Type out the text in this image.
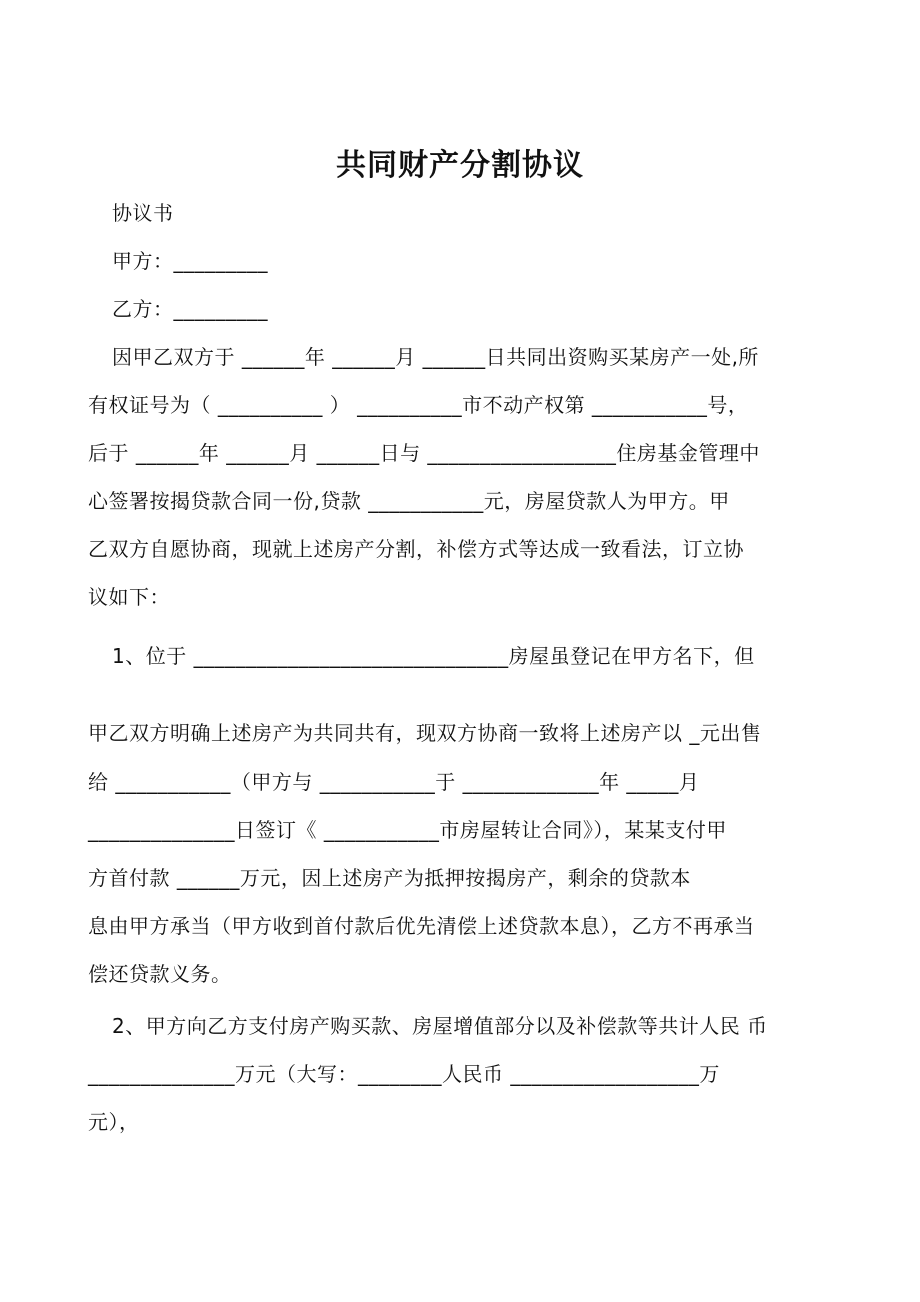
共同财产分割协议
协议书
甲方：_________
乙方：_________
因甲乙双方于 ______年 ______月 ______日共同出资购买某房产一处,所
有权证号为（ __________ ） __________市不动产权第 ___________号，
后于 ______年 ______月 ______日与 __________________住房基金管理中
心签署按揭贷款合同一份,贷款 ___________元，房屋贷款人为甲方。甲
乙双方自愿协商，现就上述房产分割，补偿方式等达成一致看法，订立协
议如下：
1、位于 ______________________________房屋虽登记在甲方名下，但
甲乙双方明确上述房产为共同共有，现双方协商一致将上述房产以 _元出售
给 ___________（甲方与 ___________于 _____________年 _____月
______________日签订《 ___________市房屋转让合同》），某某支付甲
方首付款 ______万元，因上述房产为抵押按揭房产，剩余的贷款本
息由甲方承当（甲方收到首付款后优先清偿上述贷款本息），乙方不再承当
偿还贷款义务。
2、甲方向乙方支付房产购买款、房屋增值部分以及补偿款等共计人民 币
______________万元（大写：________人民币 __________________万
元），
